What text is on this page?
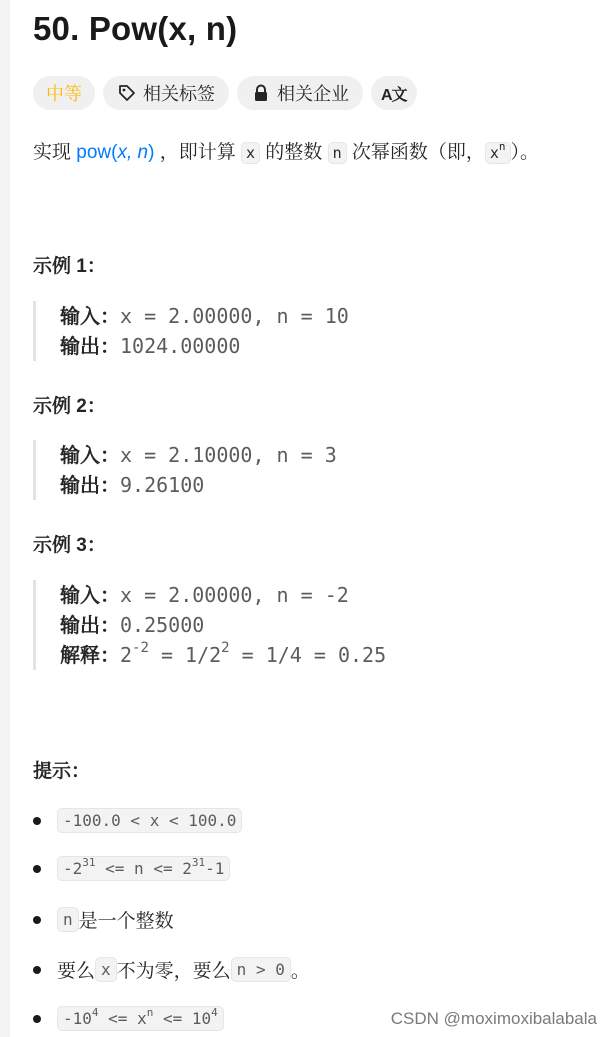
50. Pow(x, n)
中等	相关标签	相关企业 A文
实现 pow(x, n) ，即计算 x 的整数 n 次幂函数（即， $x^n$ ）。
示例 1：
输入：x = 2.00000, n = 10
输出：1024.00000
示例 2：
输入：x = 2.10000, n = 3
输出：9.26100
示例 3：
输入：x = 2.00000, n = -2
输出：0.25000
解释：$2^{-2} = 1/2^2 = 1/4 = 0.25$
提示：
-100.0 < x < 100.0
$-2^{31} <= n <= 2^{31}-1$
n 是一个整数
要么 x 不为零，要么 n > 0 。
$-10^4 <= x^n <= 10^4$	CSDN @moximoxibalabala
